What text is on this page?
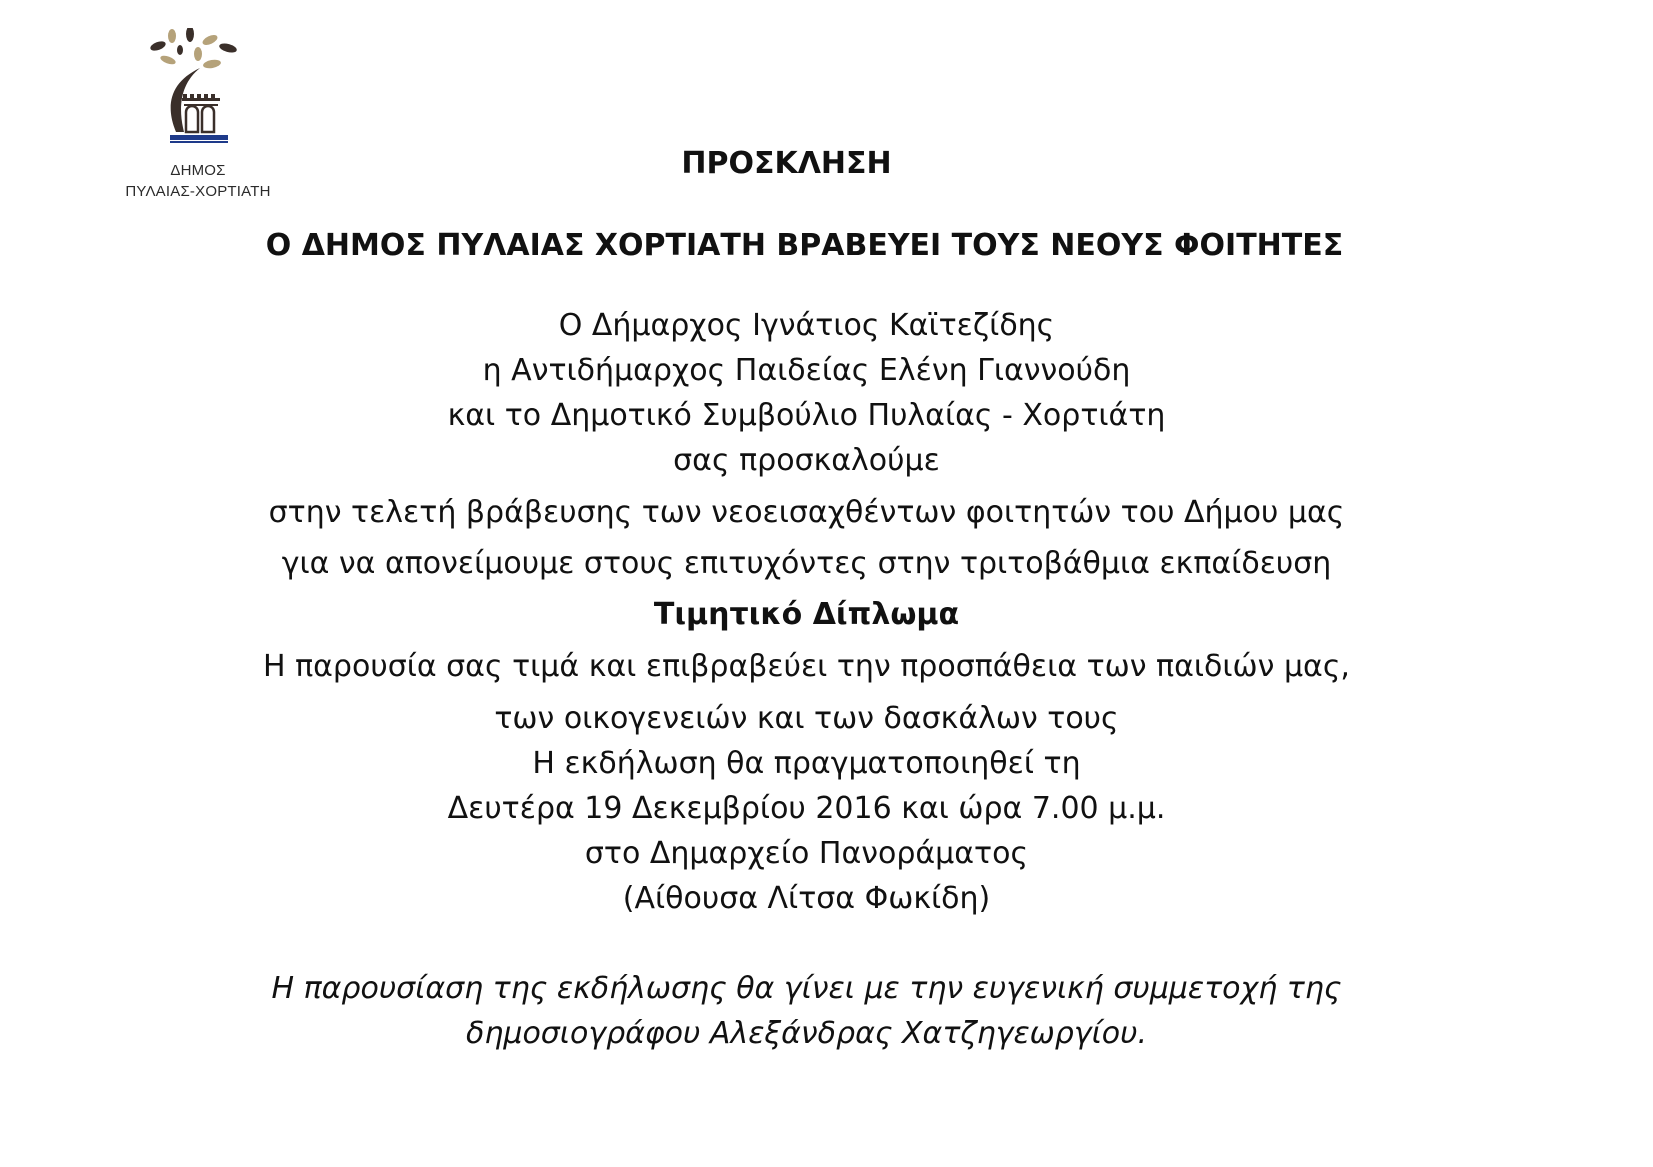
ΔΗΜΟΣ
ΠΥΛΑΙΑΣ-ΧΟΡΤΙΑΤΗ
ΠΡΟΣΚΛΗΣΗ
Ο ΔΗΜΟΣ ΠΥΛΑΙΑΣ ΧΟΡΤΙΑΤΗ ΒΡΑΒΕΥΕΙ ΤΟΥΣ ΝΕΟΥΣ ΦΟΙΤΗΤΕΣ
Ο Δήμαρχος Ιγνάτιος Καϊτεζίδης
η Αντιδήμαρχος Παιδείας Ελένη Γιαννούδη
και το Δημοτικό Συμβούλιο Πυλαίας - Χορτιάτη
σας προσκαλούμε
στην τελετή βράβευσης των νεοεισαχθέντων φοιτητών του Δήμου μας
για να απονείμουμε στους επιτυχόντες στην τριτοβάθμια εκπαίδευση
Τιμητικό Δίπλωμα
Η παρουσία σας τιμά και επιβραβεύει την προσπάθεια των παιδιών μας,
των οικογενειών και των δασκάλων τους
Η εκδήλωση θα πραγματοποιηθεί τη
Δευτέρα 19 Δεκεμβρίου 2016 και ώρα 7.00 μ.μ.
στο Δημαρχείο Πανοράματος
(Αίθουσα Λίτσα Φωκίδη)
Η παρουσίαση της εκδήλωσης θα γίνει με την ευγενική συμμετοχή της
δημοσιογράφου Αλεξάνδρας Χατζηγεωργίου.
